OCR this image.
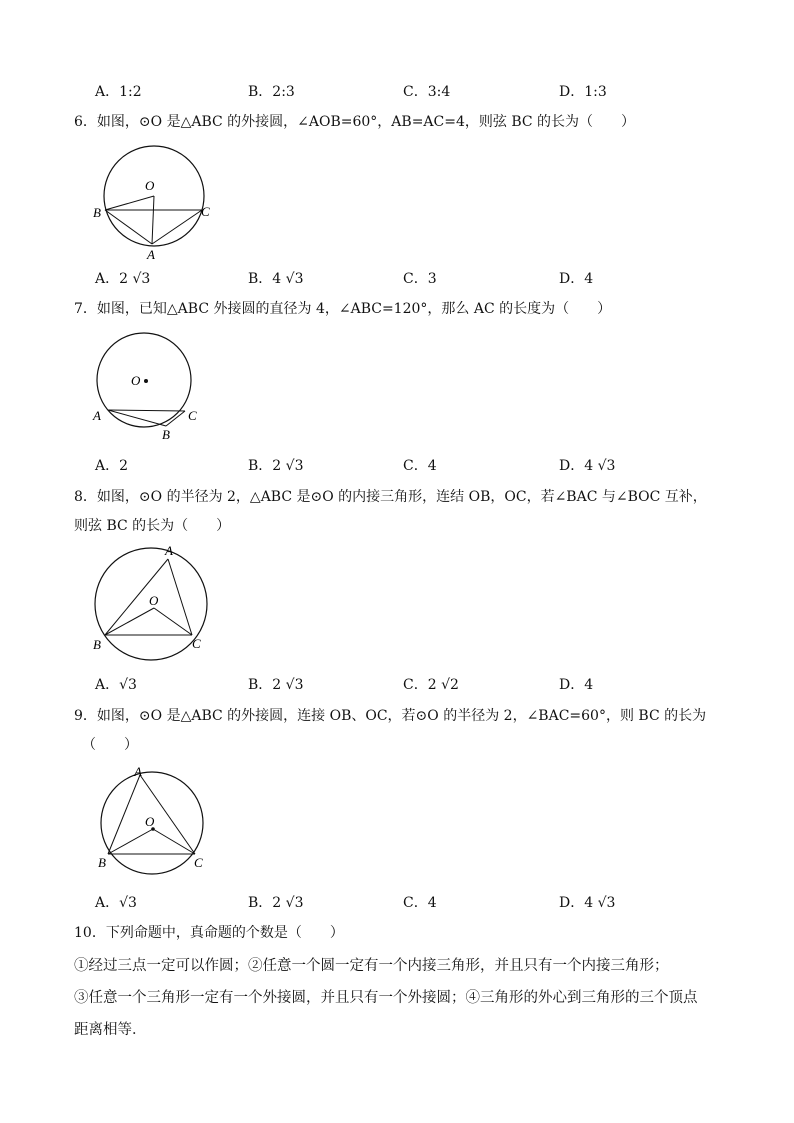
A．1:2	B．2:3	C．3:4	D．1:3
6．如图，⊙O 是△ABC 的外接圆，∠AOB=60°，AB=AC=4，则弦 BC 的长为（　　）
O
B	C
A
A．2 √3	B．4 √3	C．3	D．4
7．如图，已知△ABC 外接圆的直径为 4，∠ABC=120°，那么 AC 的长度为（　　）
O
A	C
B
A．2	B．2 √3	C．4	D．4 √3
8．如图，⊙O 的半径为 2，△ABC 是⊙O 的内接三角形，连结 OB，OC，若∠BAC 与∠BOC 互补，
则弦 BC 的长为（　　）
A
O
B	C
A．√3	B．2 √3	C．2 √2	D．4
9．如图，⊙O 是△ABC 的外接圆，连接 OB、OC，若⊙O 的半径为 2，∠BAC=60°，则 BC 的长为
（　　）
A
O
B	C
A．√3	B．2 √3	C．4	D．4 √3
10．下列命题中，真命题的个数是（　　）
①经过三点一定可以作圆；②任意一个圆一定有一个内接三角形，并且只有一个内接三角形；
③任意一个三角形一定有一个外接圆，并且只有一个外接圆；④三角形的外心到三角形的三个顶点
距离相等．
